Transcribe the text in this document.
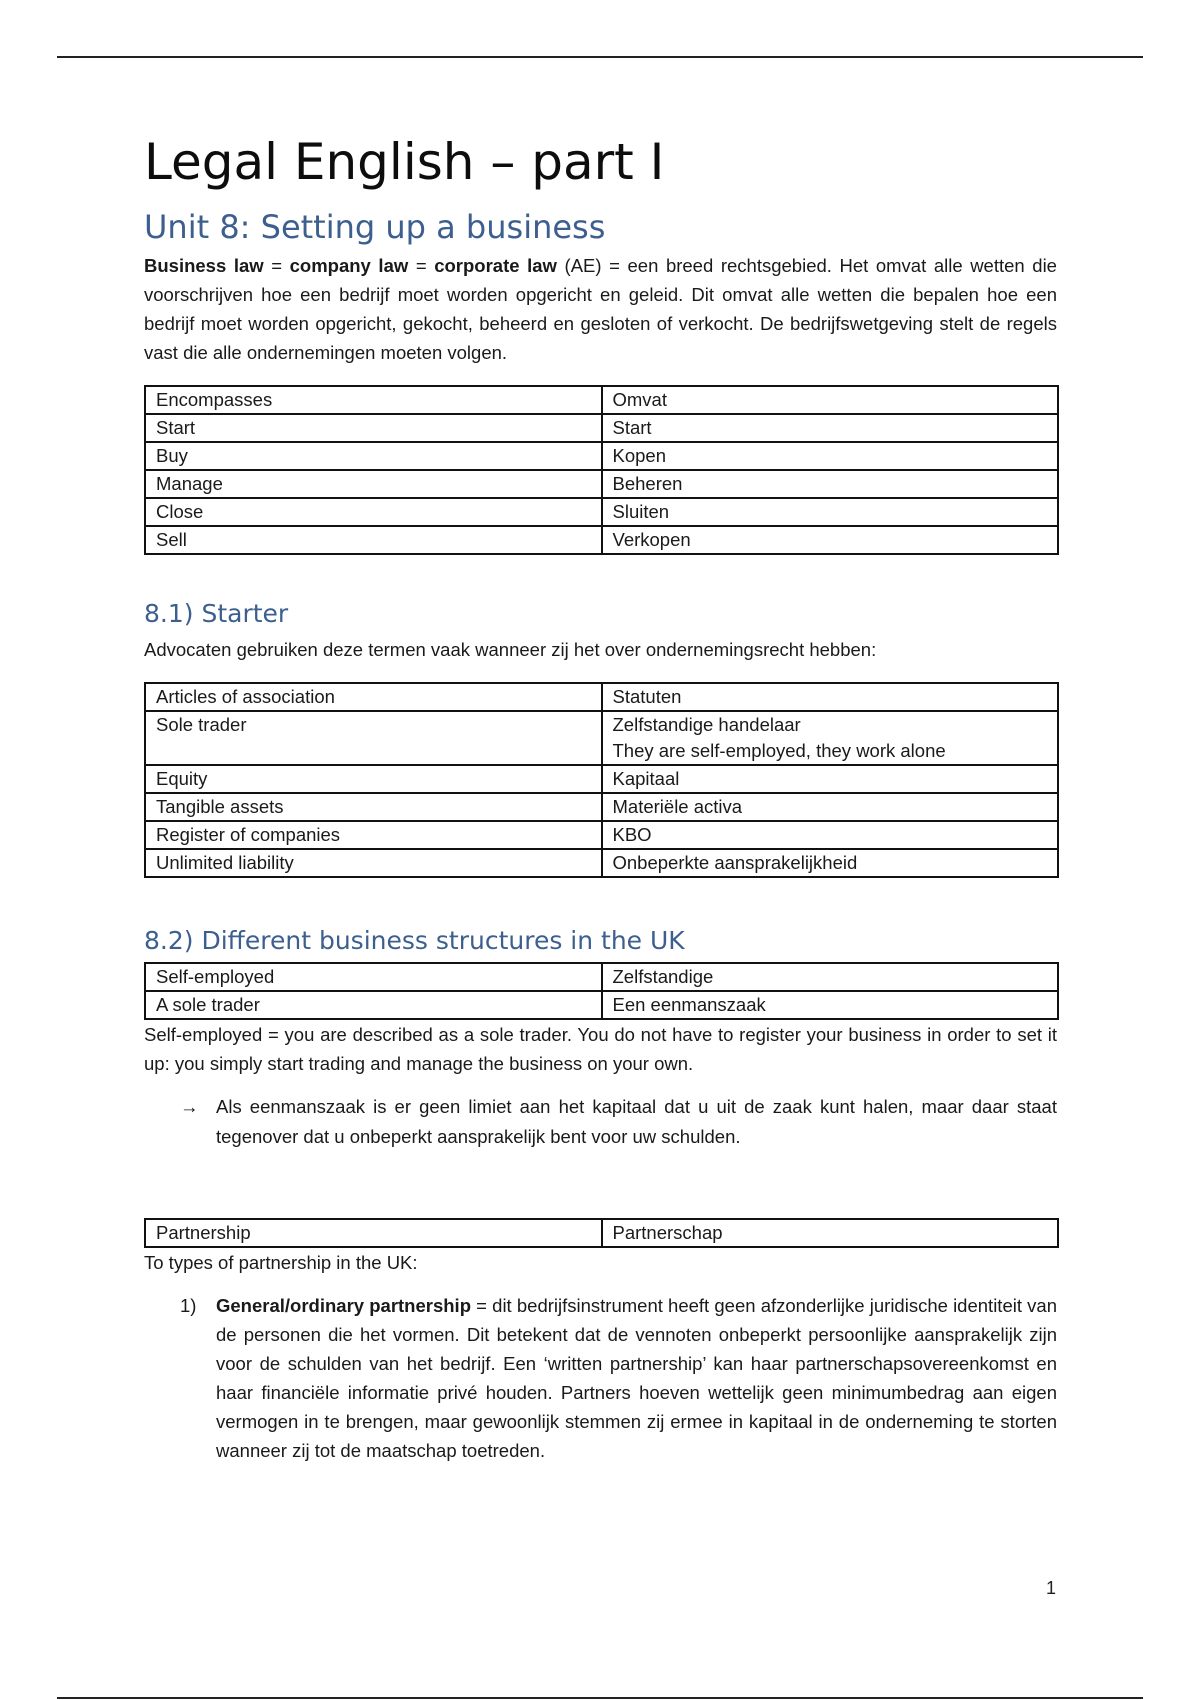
Legal English – part I
Unit 8: Setting up a business

Business law = company law = corporate law (AE) = een breed rechtsgebied. Het omvat alle wetten die voorschrijven hoe een bedrijf moet worden opgericht en geleid. Dit omvat alle wetten die bepalen hoe een bedrijf moet worden opgericht, gekocht, beheerd en gesloten of verkocht. De bedrijfswetgeving stelt de regels vast die alle ondernemingen moeten volgen.

Encompasses	Omvat
Start	Start
Buy	Kopen
Manage	Beheren
Close	Sluiten
Sell	Verkopen
8.1) Starter

Advocaten gebruiken deze termen vaak wanneer zij het over ondernemingsrecht hebben:

Articles of association	Statuten
Sole trader	Zelfstandige handelaar
They are self-employed, they work alone

Equity	Kapitaal
Tangible assets	Materiële activa
Register of companies	KBO
Unlimited liability	Onbeperkte aansprakelijkheid
8.2) Different business structures in the UK
Self-employed	Zelfstandige
A sole trader	Een eenmanszaak

Self-employed = you are described as a sole trader. You do not have to register your business in order to set it up: you simply start trading and manage the business on your own.

→ Als eenmanszaak is er geen limiet aan het kapitaal dat u uit de zaak kunt halen, maar daar staat tegenover dat u onbeperkt aansprakelijk bent voor uw schulden.
Partnership	Partnerschap

To types of partnership in the UK:

1)	General/ordinary partnership = dit bedrijfsinstrument heeft geen afzonderlijke juridische identiteit van de personen die het vormen. Dit betekent dat de vennoten onbeperkt persoonlijke aansprakelijk zijn voor de schulden van het bedrijf. Een ‘written partnership’ kan haar partnerschapsovereenkomst en haar financiële informatie privé houden. Partners hoeven wettelijk geen minimumbedrag aan eigen vermogen in te brengen, maar gewoonlijk stemmen zij ermee in kapitaal in de onderneming te storten wanneer zij tot de maatschap toetreden.
1
